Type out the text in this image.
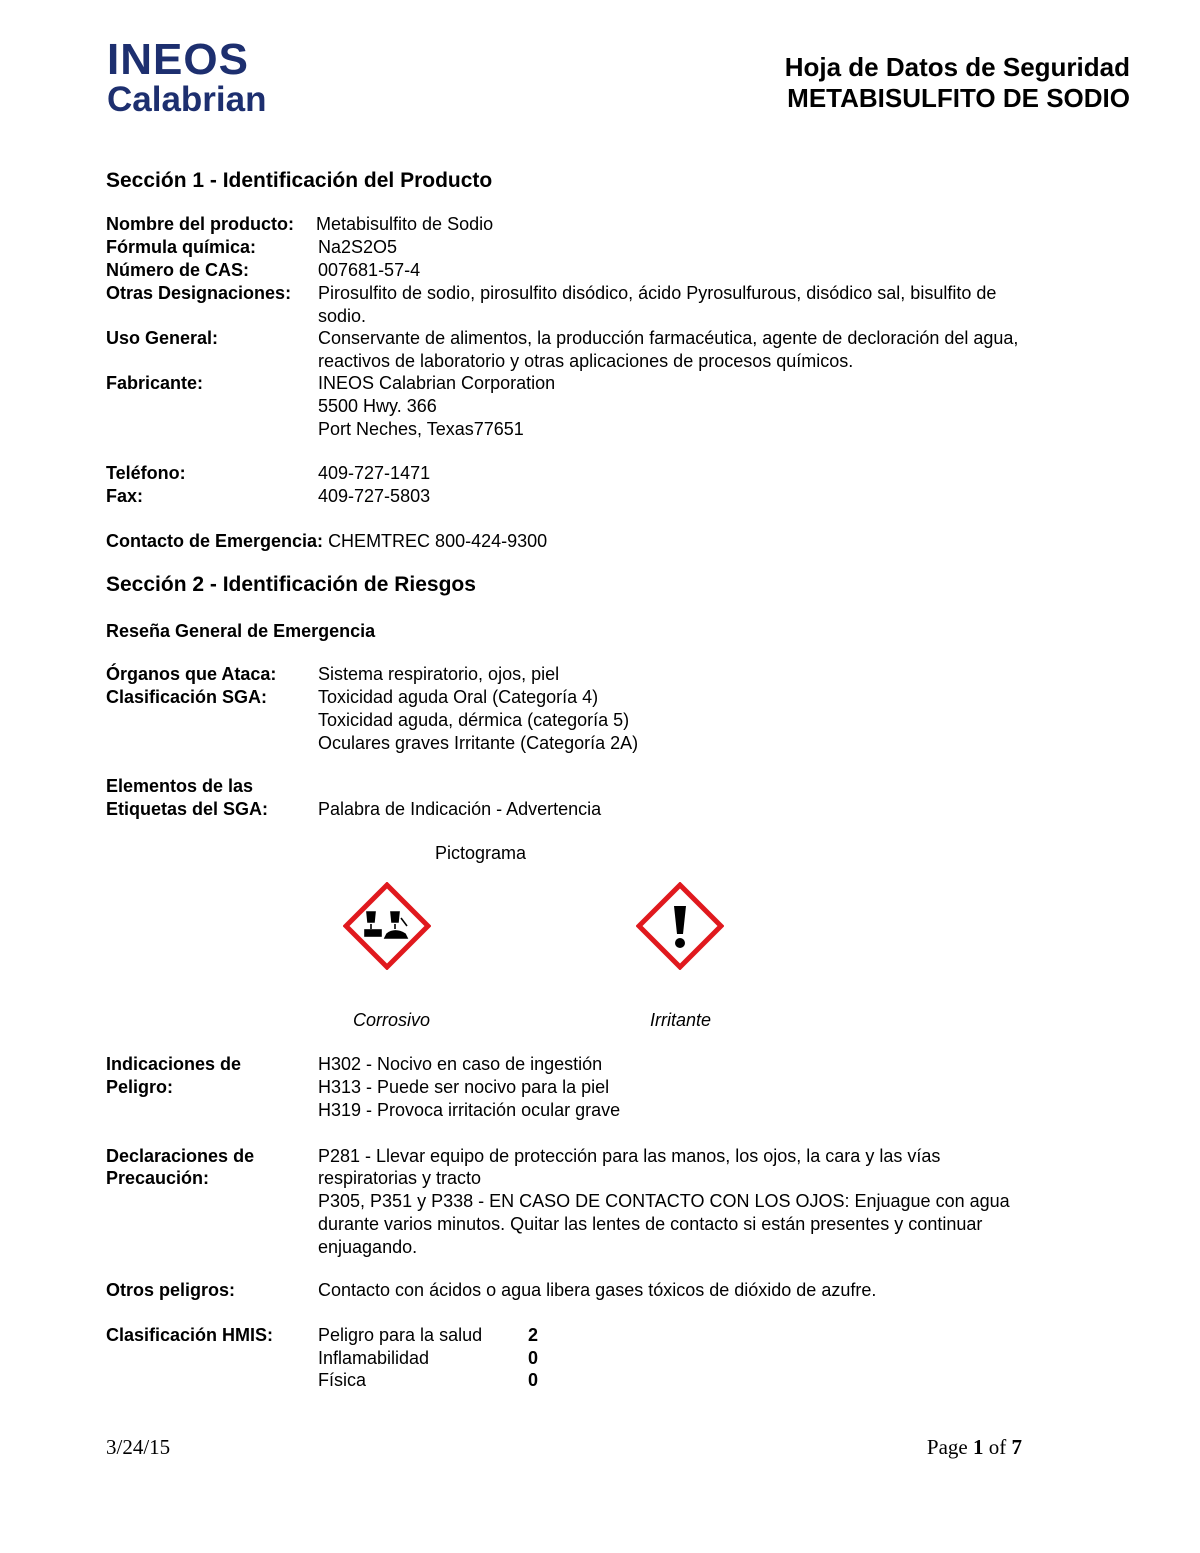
INEOS
Calabrian
Hoja de Datos de Seguridad
METABISULFITO DE SODIO
Sección 1 - Identificación del Producto
Nombre del producto:	Metabisulfito de Sodio
Fórmula química:	Na2S2O5
Número de CAS:	007681-57-4
Otras Designaciones:	Pirosulfito de sodio, pirosulfito disódico, ácido Pyrosulfurous, disódico sal, bisulfito de
sodio.
Uso General:	Conservante de alimentos, la producción farmacéutica, agente de decloración del agua,
reactivos de laboratorio y otras aplicaciones de procesos químicos.
Fabricante:	INEOS Calabrian Corporation
5500 Hwy. 366
Port Neches, Texas77651
Teléfono:	409-727-1471
Fax:	409-727-5803
Contacto de Emergencia: CHEMTREC 800-424-9300
Sección 2 - Identificación de Riesgos
Reseña General de Emergencia
Órganos que Ataca:	Sistema respiratorio, ojos, piel
Clasificación SGA:	Toxicidad aguda Oral (Categoría 4)
Toxicidad aguda, dérmica (categoría 5)
Oculares graves Irritante (Categoría 2A)
Elementos de las
Etiquetas del SGA:	Palabra de Indicación - Advertencia
Pictograma
Corrosivo	Irritante
Indicaciones de	H302 - Nocivo en caso de ingestión
Peligro:	H313 - Puede ser nocivo para la piel
H319 - Provoca irritación ocular grave
Declaraciones de	P281 - Llevar equipo de protección para las manos, los ojos, la cara y las vías
Precaución:	respiratorias y tracto
P305, P351 y P338 - EN CASO DE CONTACTO CON LOS OJOS: Enjuague con agua
durante varios minutos. Quitar las lentes de contacto si están presentes y continuar
enjuagando.
Otros peligros:	Contacto con ácidos o agua libera gases tóxicos de dióxido de azufre.
Clasificación HMIS:	Peligro para la salud	2
Inflamabilidad	0
Física	0
3/24/15	Page 1 of 7
